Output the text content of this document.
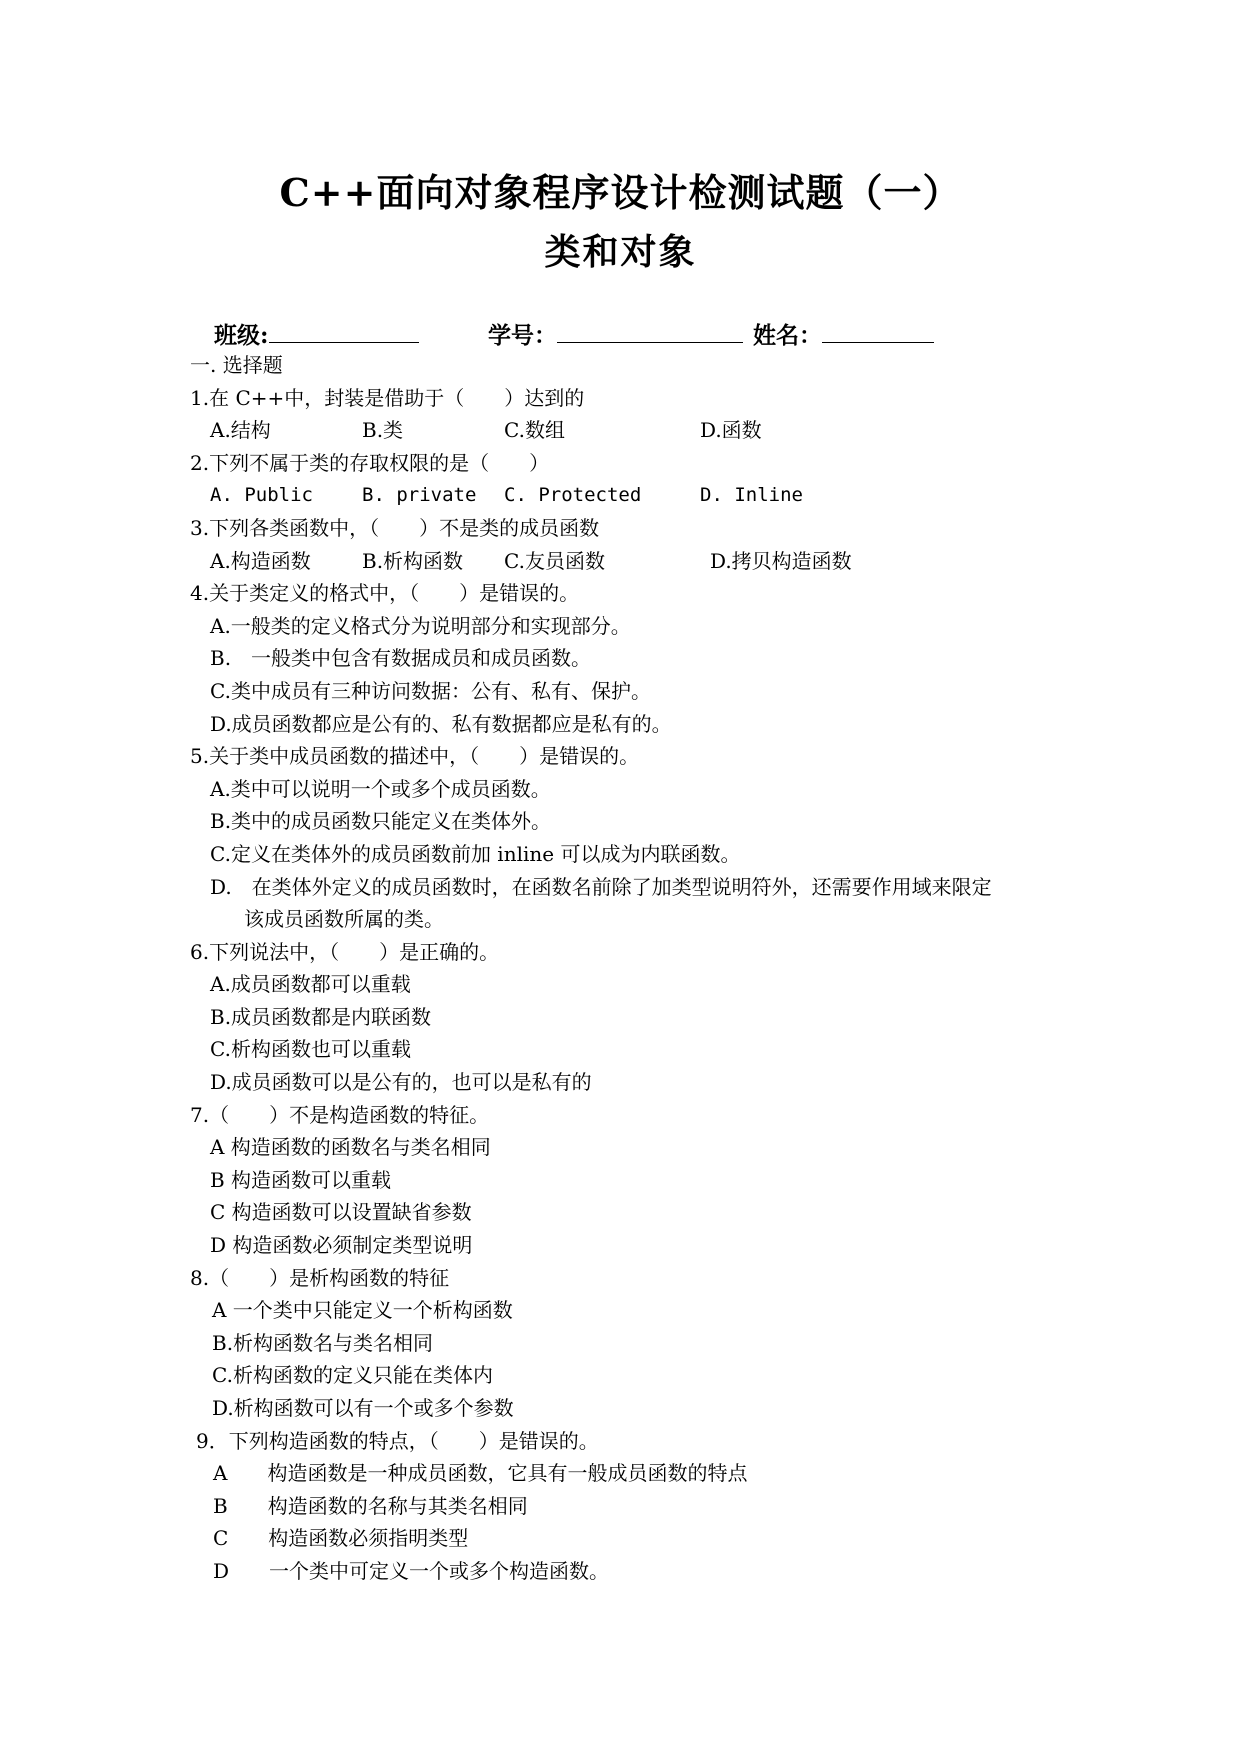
C++面向对象程序设计检测试题（一）
类和对象
班级:	学号：	姓名：
一. 选择题
1.在 C++中，封装是借助于（　　）达到的
A.结构	B.类	C.数组	D.函数
2.下列不属于类的存取权限的是（　　）
A. Public	B. private C. Protected	D. Inline
3.下列各类函数中，（　　）不是类的成员函数
A.构造函数	B.析构函数 C.友员函数	D.拷贝构造函数
4.关于类定义的格式中，（　　）是错误的。
A.一般类的定义格式分为说明部分和实现部分。
B.　一般类中包含有数据成员和成员函数。
C.类中成员有三种访问数据：公有、私有、保护。
D.成员函数都应是公有的、私有数据都应是私有的。
5.关于类中成员函数的描述中，（　　）是错误的。
A.类中可以说明一个或多个成员函数。
B.类中的成员函数只能定义在类体外。
C.定义在类体外的成员函数前加 inline 可以成为内联函数。
D.　在类体外定义的成员函数时，在函数名前除了加类型说明符外，还需要作用域来限定
该成员函数所属的类。
6.下列说法中，（　　）是正确的。
A.成员函数都可以重载
B.成员函数都是内联函数
C.析构函数也可以重载
D.成员函数可以是公有的，也可以是私有的
7.（　　）不是构造函数的特征。
A 构造函数的函数名与类名相同
B 构造函数可以重载
C 构造函数可以设置缺省参数
D 构造函数必须制定类型说明
8.（　　）是析构函数的特征
A 一个类中只能定义一个析构函数
B.析构函数名与类名相同
C.析构函数的定义只能在类体内
D.析构函数可以有一个或多个参数
9．下列构造函数的特点，（　　）是错误的。
A　　构造函数是一种成员函数，它具有一般成员函数的特点
B　　构造函数的名称与其类名相同
C　　构造函数必须指明类型
D　　一个类中可定义一个或多个构造函数。
